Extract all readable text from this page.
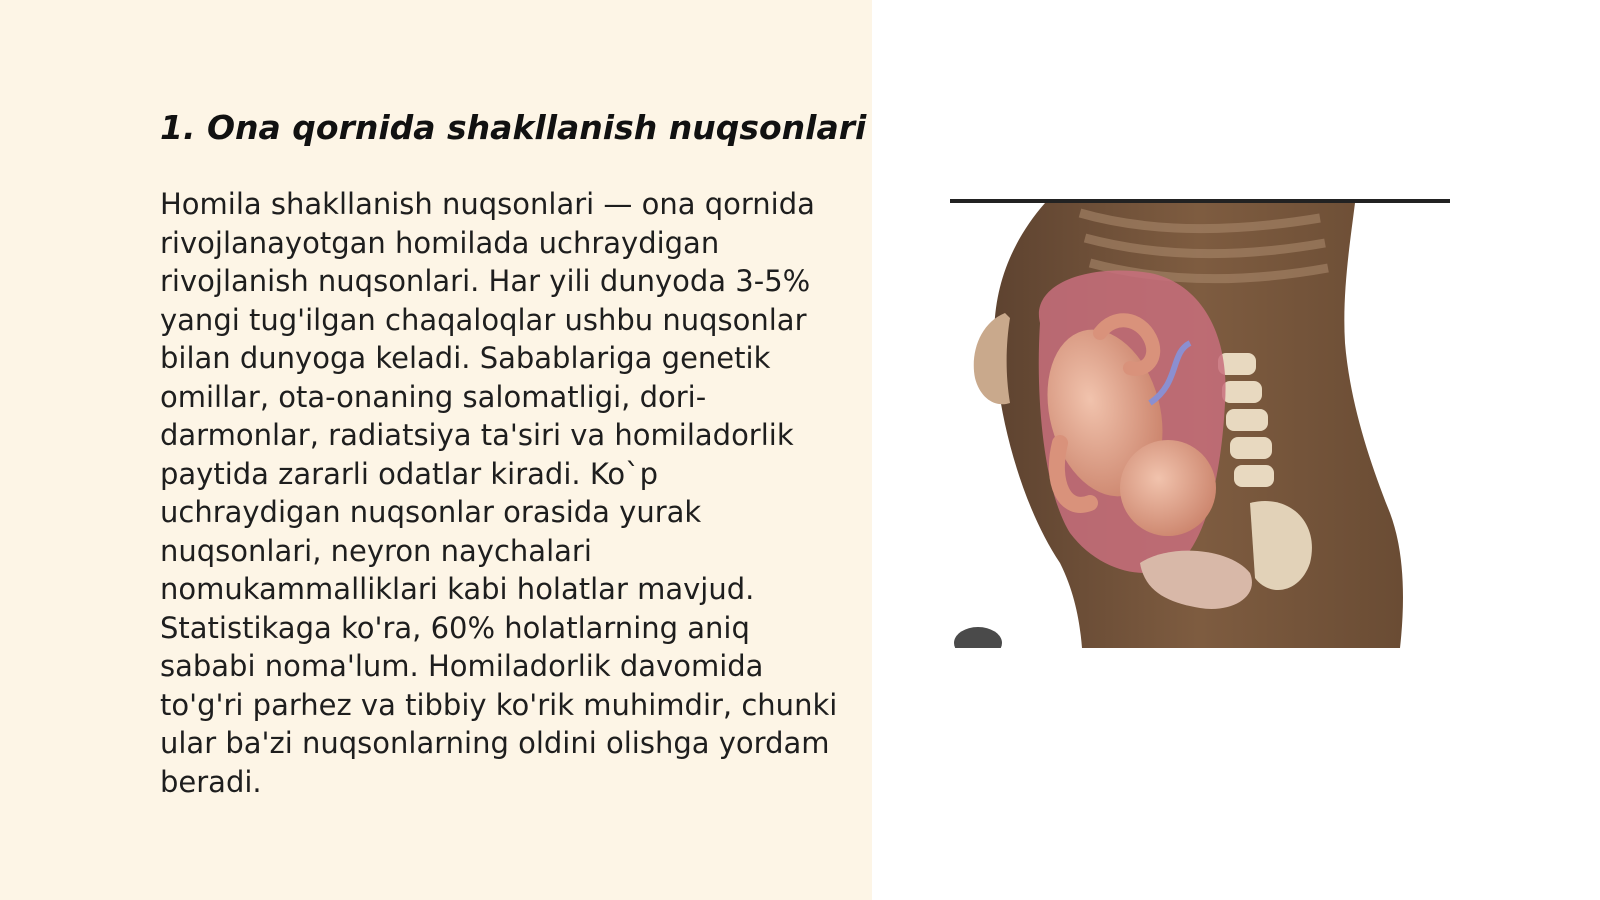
1. Ona qornida shakllanish nuqsonlari

Homila shakllanish nuqsonlari — ona qornida rivojlanayotgan homilada uchraydigan rivojlanish nuqsonlari. Har yili dunyoda 3-5% yangi tug'ilgan chaqaloqlar ushbu nuqsonlar bilan dunyoga keladi. Sabablariga genetik omillar, ota-onaning salomatligi, dori-darmonlar, radiatsiya ta'siri va homiladorlik paytida zararli odatlar kiradi. Ko`p uchraydigan nuqsonlar orasida yurak nuqsonlari, neyron naychalari nomukammalliklari kabi holatlar mavjud. Statistikaga ko'ra, 60% holatlarning aniq sababi noma'lum. Homiladorlik davomida to'g'ri parhez va tibbiy ko'rik muhimdir, chunki ular ba'zi nuqsonlarning oldini olishga yordam beradi.
